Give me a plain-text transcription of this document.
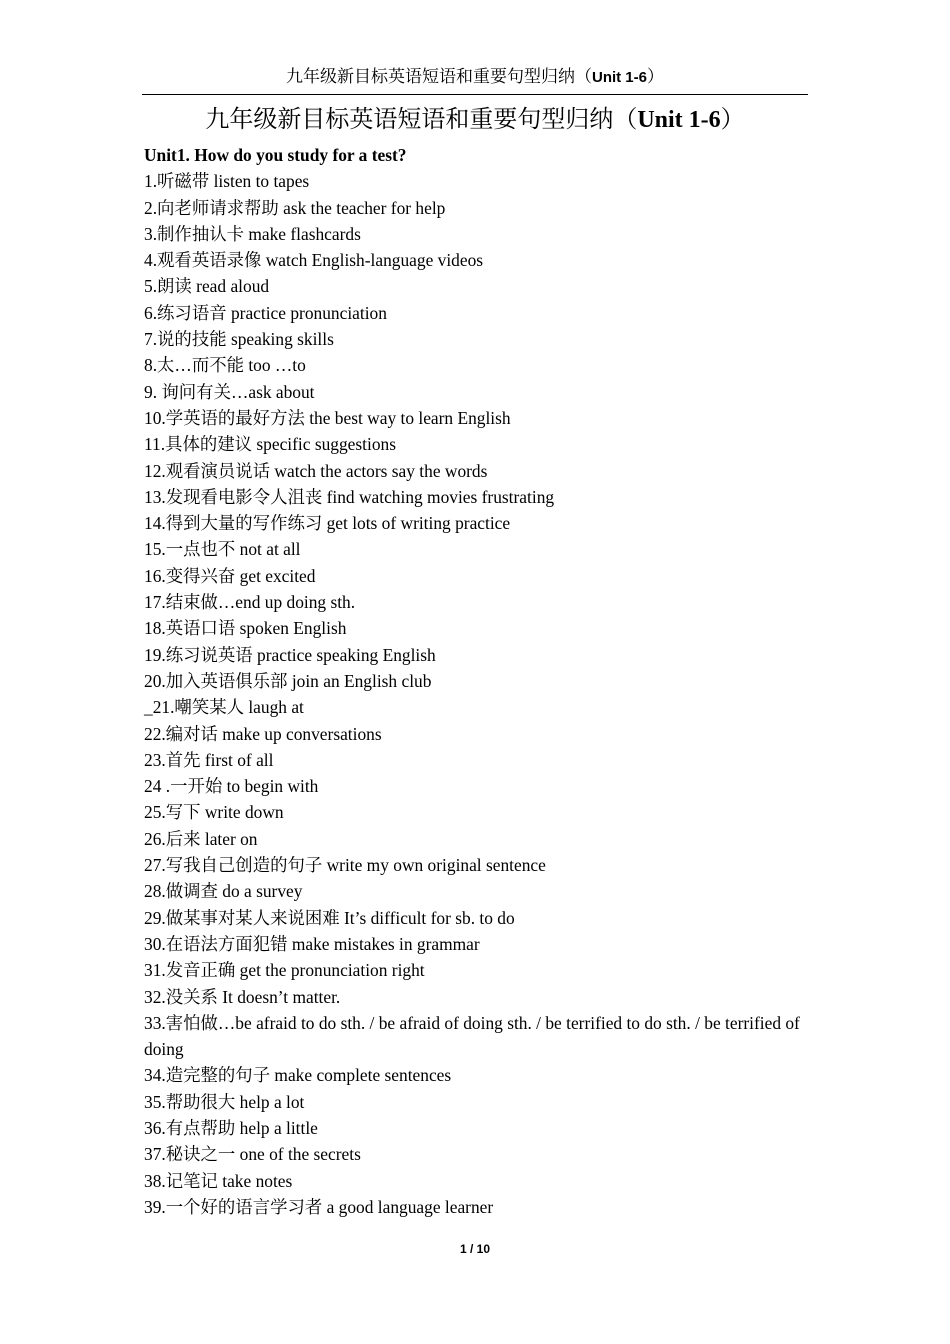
九年级新目标英语短语和重要句型归纳（Unit 1-6）
九年级新目标英语短语和重要句型归纳（Unit 1-6）

Unit1. How do you study for a test?

1.听磁带 listen to tapes
2.向老师请求帮助 ask the teacher for help
3.制作抽认卡 make flashcards
4.观看英语录像 watch English-language videos
5.朗读 read aloud
6.练习语音 practice pronunciation
7.说的技能 speaking skills
8.太…而不能 too …to
9. 询问有关…ask about
10.学英语的最好方法 the best way to learn English
11.具体的建议 specific suggestions
12.观看演员说话 watch the actors say the words
13.发现看电影令人沮丧 find watching movies frustrating
14.得到大量的写作练习 get lots of writing practice
15.一点也不 not at all
16.变得兴奋 get excited
17.结束做…end up doing sth.
18.英语口语 spoken English
19.练习说英语 practice speaking English
20.加入英语俱乐部 join an English club
_21.嘲笑某人 laugh at
22.编对话 make up conversations
23.首先 first of all
24 .一开始 to begin with
25.写下 write down
26.后来 later on
27.写我自己创造的句子 write my own original sentence
28.做调查 do a survey
29.做某事对某人来说困难 It’s difficult for sb. to do
30.在语法方面犯错 make mistakes in grammar
31.发音正确 get the pronunciation right
32.没关系 It doesn’t matter.
33.害怕做…be afraid to do sth. / be afraid of doing sth. / be terrified to do sth. / be terrified of doing
34.造完整的句子 make complete sentences
35.帮助很大 help a lot
36.有点帮助 help a little
37.秘诀之一 one of the secrets
38.记笔记 take notes
39.一个好的语言学习者 a good language learner
1 / 10
